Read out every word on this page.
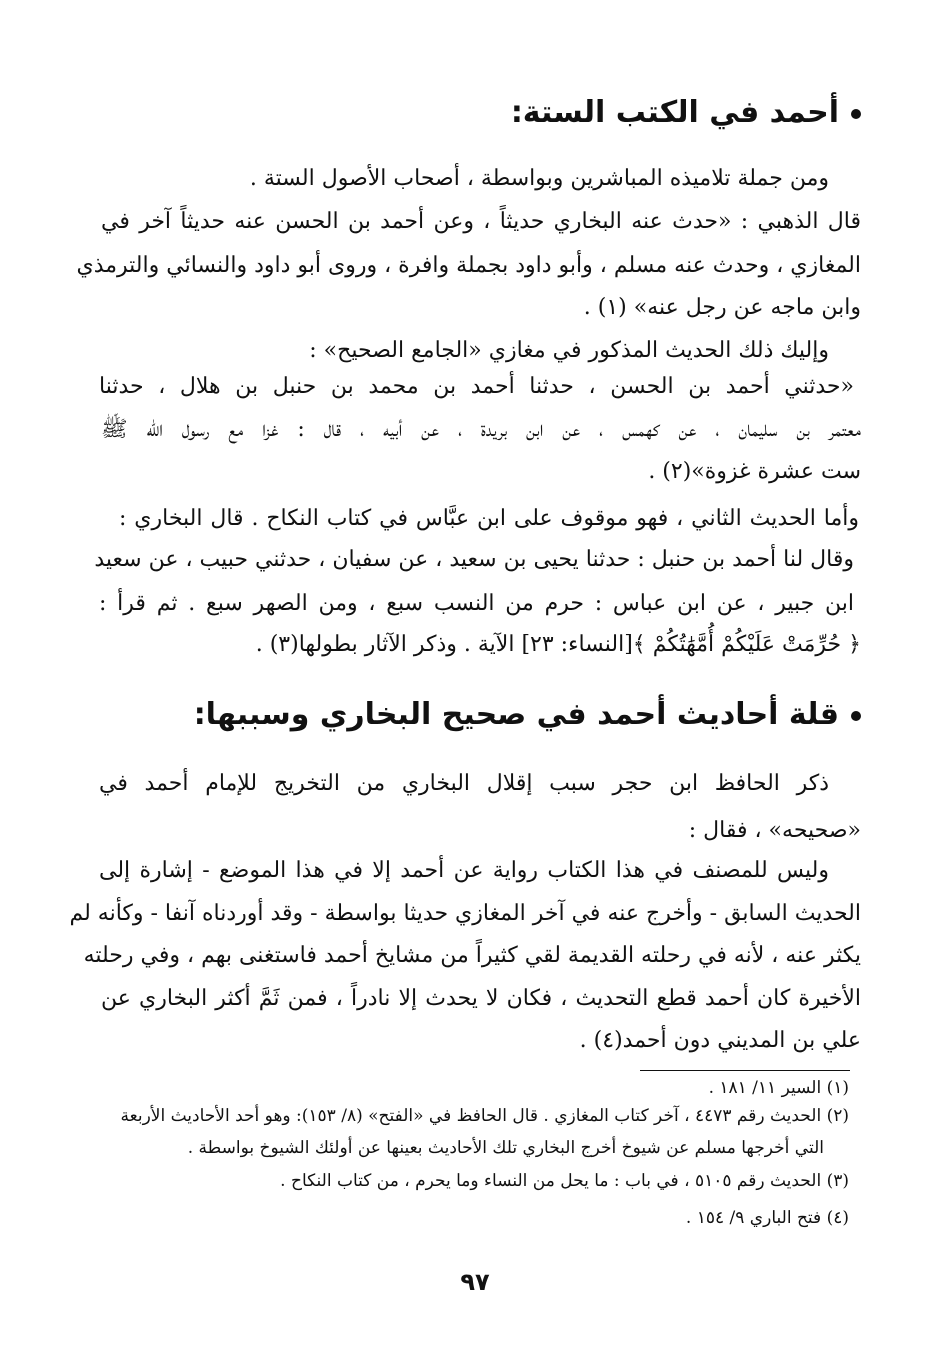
أحمد في الكتب الستة:
ومن جملة تلاميذه المباشرين وبواسطة ، أصحاب الأصول الستة .
قال الذهبي : «حدث عنه البخاري حديثاً ، وعن أحمد بن الحسن عنه حديثاً آخر في
المغازي ، وحدث عنه مسلم ، وأبو داود بجملة وافرة ، وروى أبو داود والنسائي والترمذي
وابن ماجه عن رجل عنه» (١) .
وإليك ذلك الحديث المذكور في مغازي «الجامع الصحيح» :
«حدثني أحمد بن الحسن ، حدثنا أحمد بن محمد بن حنبل بن هلال ، حدثنا
معتمر بن سليمان ، عن كهمس ، عن ابن بريدة ، عن أبيه ، قال : غزا مع رسول الله ﷺ
ست عشرة غزوة»(٢) .
وأما الحديث الثاني ، فهو موقوف على ابن عبَّاس في كتاب النكاح . قال البخاري :
وقال لنا أحمد بن حنبل : حدثنا يحيى بن سعيد ، عن سفيان ، حدثني حبيب ، عن سعيد
ابن جبير ، عن ابن عباس : حرم من النسب سبع ، ومن الصهر سبع . ثم قرأ :
﴿ حُرِّمَتْ عَلَيْكُمْ أُمَّهَٰتُكُمْ ﴾[النساء: ٢٣] الآية . وذكر الآثار بطولها(٣) .
قلة أحاديث أحمد في صحيح البخاري وسببها:
ذكر الحافظ ابن حجر سبب إقلال البخاري من التخريج للإمام أحمد في
«صحيحه» ، فقال :
وليس للمصنف في هذا الكتاب رواية عن أحمد إلا في هذا الموضع - إشارة إلى
الحديث السابق - وأخرج عنه في آخر المغازي حديثا بواسطة - وقد أوردناه آنفا - وكأنه لم
يكثر عنه ، لأنه في رحلته القديمة لقي كثيراً من مشايخ أحمد فاستغنى بهم ، وفي رحلته
الأخيرة كان أحمد قطع التحديث ، فكان لا يحدث إلا نادراً ، فمن ثَمَّ أكثر البخاري عن
علي بن المديني دون أحمد(٤) .
(١) السير ١١/ ١٨١ .
(٢) الحديث رقم ٤٤٧٣ ، آخر كتاب المغازي . قال الحافظ في «الفتح» (٨/ ١٥٣): وهو أحد الأحاديث الأربعة
التي أخرجها مسلم عن شيوخ أخرج البخاري تلك الأحاديث بعينها عن أولئك الشيوخ بواسطة .
(٣) الحديث رقم ٥١٠٥ ، في باب : ما يحل من النساء وما يحرم ، من كتاب النكاح .
(٤) فتح الباري ٩/ ١٥٤ .
٩٧
